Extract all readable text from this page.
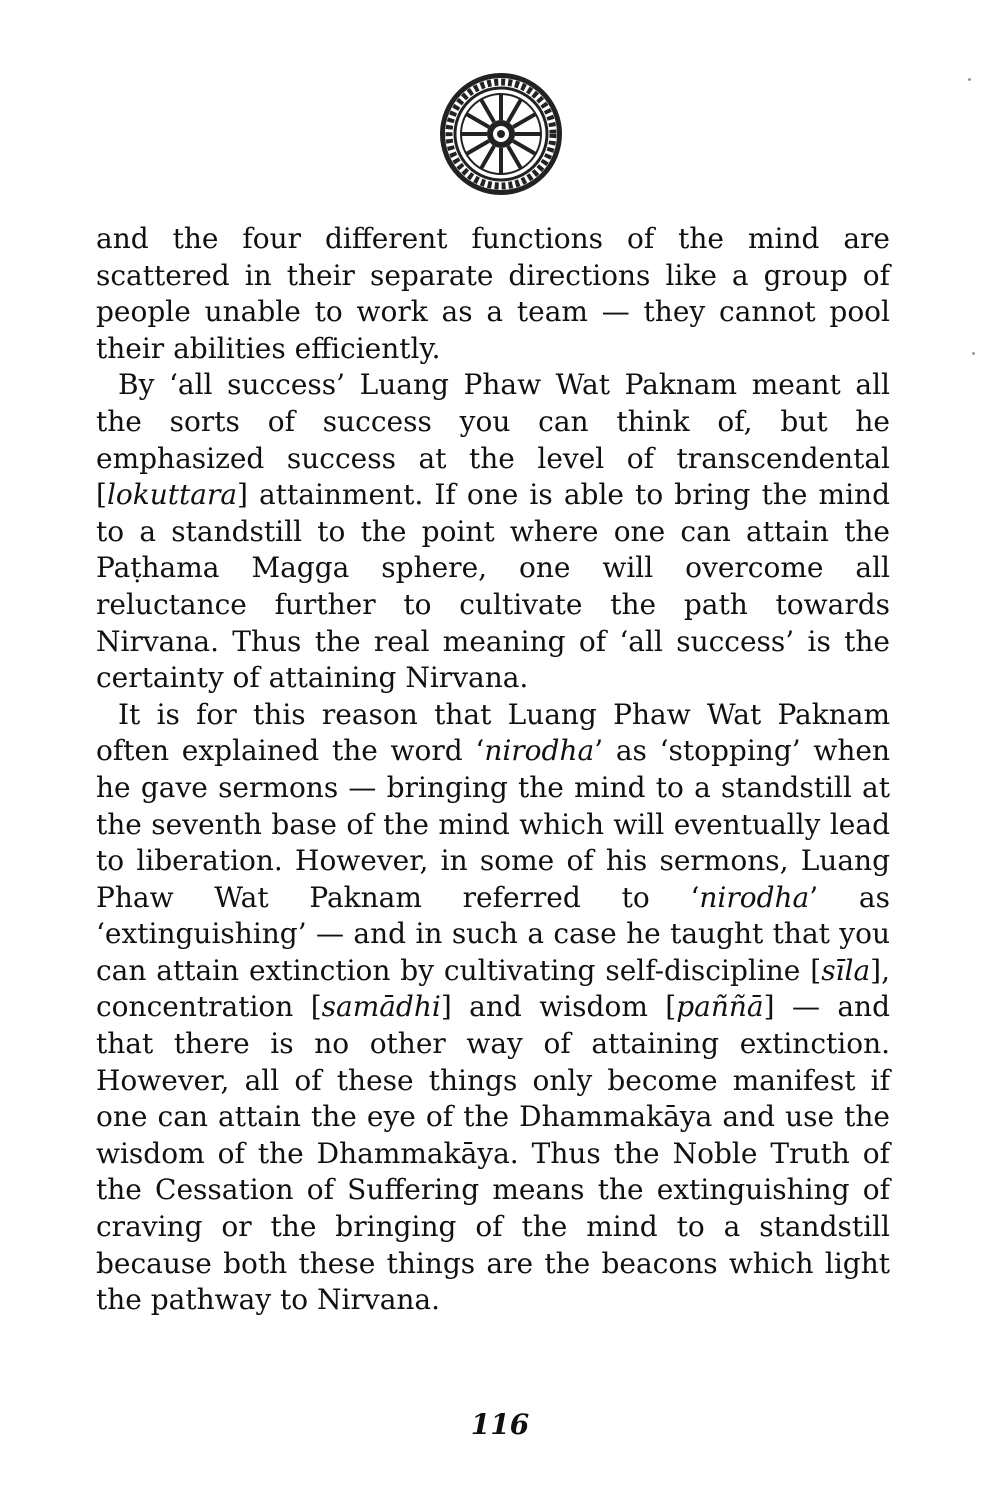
and the four different functions of the mind are scattered in their separate directions like a group of people unable to work as a team — they cannot pool their abilities efficiently.

By ‘all success’ Luang Phaw Wat Paknam meant all the sorts of success you can think of, but he emphasized success at the level of transcendental [lokuttara] attainment. If one is able to bring the mind to a standstill to the point where one can attain the Paṭhama Magga sphere, one will overcome all reluctance further to cultivate the path towards Nirvana. Thus the real meaning of ‘all success’ is the certainty of attaining Nirvana.

It is for this reason that Luang Phaw Wat Paknam often explained the word ‘nirodha’ as ‘stopping’ when he gave sermons — bringing the mind to a standstill at the seventh base of the mind which will eventually lead to liberation. However, in some of his sermons, Luang Phaw Wat Paknam referred to ‘nirodha’ as ‘extinguishing’ — and in such a case he taught that you can attain extinction by cultivating self-discipline [sīla], concentration [samādhi] and wisdom [paññā] — and that there is no other way of attaining extinction. However, all of these things only become manifest if one can attain the eye of the Dhammakāya and use the wisdom of the Dhammakāya. Thus the Noble Truth of the Cessation of Suffering means the extinguishing of craving or the bringing of the mind to a standstill because both these things are the beacons which light the pathway to Nirvana.

116
